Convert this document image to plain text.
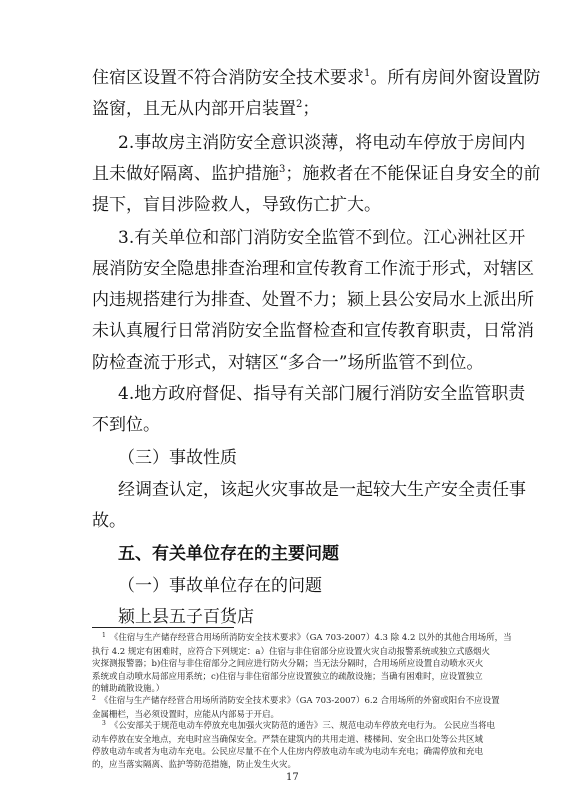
住宿区设置不符合消防安全技术要求$^1$。所有房间外窗设置防
盗窗，且无从内部开启装置$^2$；
2.事故房主消防安全意识淡薄，将电动车停放于房间内
且未做好隔离、监护措施$^3$；施救者在不能保证自身安全的前
提下，盲目涉险救人，导致伤亡扩大。
3.有关单位和部门消防安全监管不到位。江心洲社区开
展消防安全隐患排查治理和宣传教育工作流于形式，对辖区
内违规搭建行为排查、处置不力；颍上县公安局水上派出所
未认真履行日常消防安全监督检查和宣传教育职责，日常消
防检查流于形式，对辖区“多合一”场所监管不到位。
4.地方政府督促、指导有关部门履行消防安全监管职责
不到位。
（三）事故性质
经调查认定，该起火灾事故是一起较大生产安全责任事
故。
五、有关单位存在的主要问题
（一）事故单位存在的问题
颍上县五子百货店
$^1$ 《住宿与生产储存经营合用场所消防安全技术要求》（GA 703-2007）4.3 除 4.2 以外的其他合用场所，当
执行 4.2 规定有困难时，应符合下列规定：a）住宿与非住宿部分应设置火灾自动报警系统或独立式感烟火
灾探测报警器；b)住宿与非住宿部分之间应进行防火分隔；当无法分隔时，合用场所应设置自动喷水灭火
系统或自动喷水局部应用系统；c)住宿与非住宿部分应设置独立的疏散设施；当确有困难时，应设置独立
的辅助疏散设施。）
$^2$ 《住宿与生产储存经营合用场所消防安全技术要求》（GA 703-2007）6.2 合用场所的外窗或阳台不应设置
金属栅栏，当必须设置时，应能从内部易于开启。
$^3$ 《公安部关于规范电动车停放充电加强火灾防范的通告》三、规范电动车停放充电行为。 公民应当将电
动车停放在安全地点，充电时应当确保安全。严禁在建筑内的共用走道、楼梯间、安全出口处等公共区域
停放电动车或者为电动车充电。公民应尽量不在个人住房内停放电动车或为电动车充电；确需停放和充电
的，应当落实隔离、监护等防范措施，防止发生火灾。
17
